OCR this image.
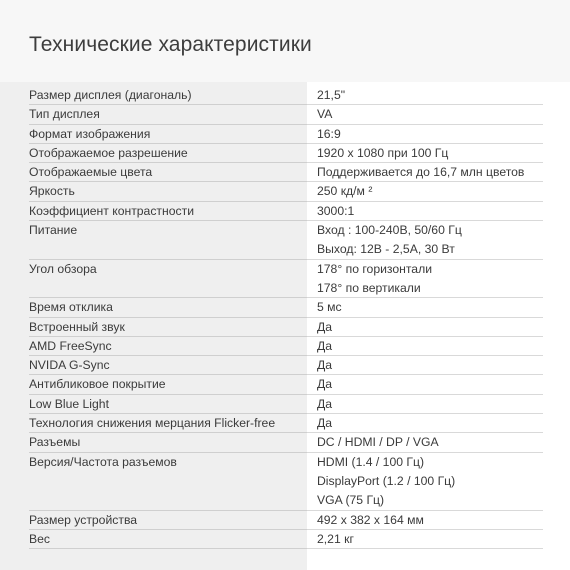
Технические характеристики
Размер дисплея (диагональ)	21,5"
Тип дисплея	VA
Формат изображения	16:9
Отображаемое разрешение	1920 x 1080 при 100 Гц
Отображаемые цвета	Поддерживается до 16,7 млн цветов
Яркость	250 кд/м ²
Коэффициент контрастности	3000:1
Питание	Вход : 100-240В, 50/60 Гц
Выход: 12В - 2,5А, 30 Вт
Угол обзора	178° по горизонтали
178° по вертикали
Время отклика	5 мс
Встроенный звук	Да
AMD FreeSync	Да
NVIDA G-Sync	Да
Антибликовое покрытие	Да
Low Blue Light	Да
Технология снижения мерцания Flicker-free	Да
Разъемы	DC / HDMI / DP / VGA
Версия/Частота разъемов	HDMI (1.4 / 100 Гц)
DisplayPort (1.2 / 100 Гц)
VGA (75 Гц)
Размер устройства	492 x 382 x 164 мм
Вес	2,21 кг
